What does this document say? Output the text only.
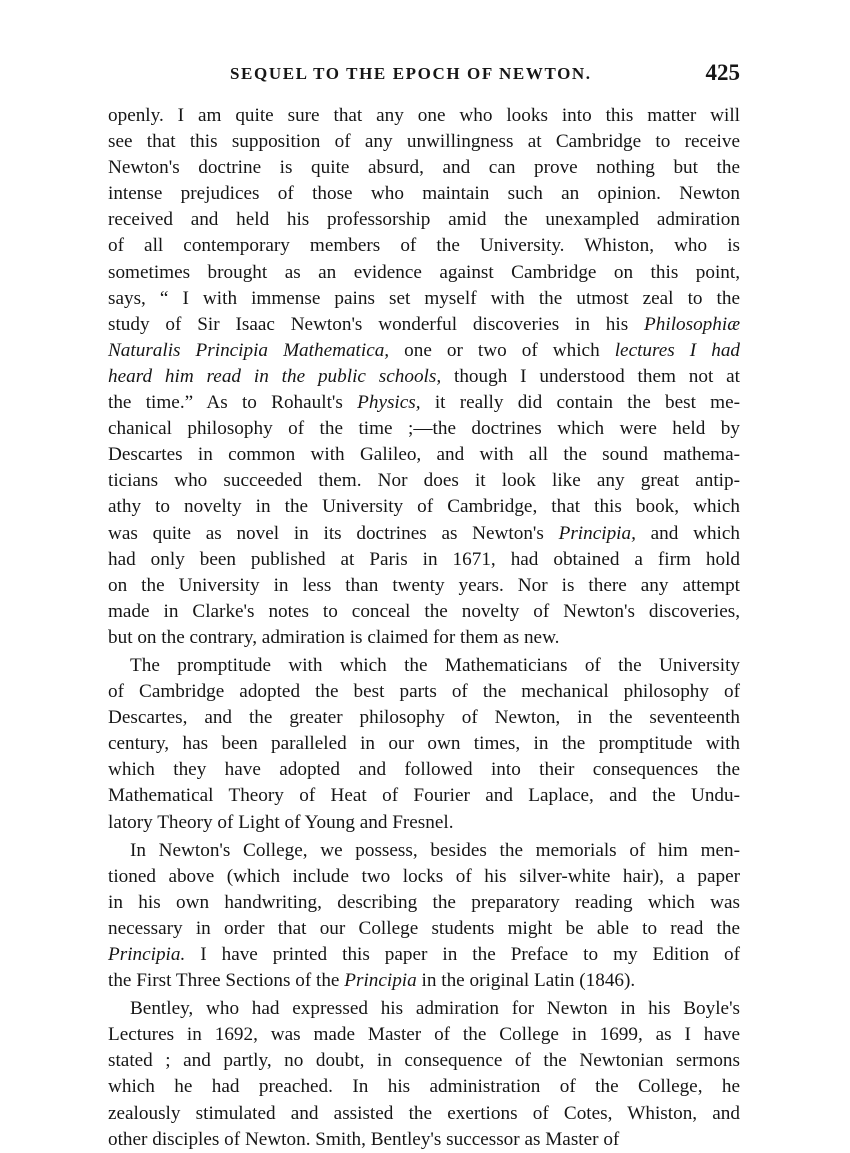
SEQUEL TO THE EPOCH OF NEWTON.	425
openly. I am quite sure that any one who looks into this matter will
see that this supposition of any unwillingness at Cambridge to receive
Newton's doctrine is quite absurd, and can prove nothing but the
intense prejudices of those who maintain such an opinion. Newton
received and held his professorship amid the unexampled admiration
of all contemporary members of the University. Whiston, who is
sometimes brought as an evidence against Cambridge on this point,
says, “ I with immense pains set myself with the utmost zeal to the
study of Sir Isaac Newton's wonderful discoveries in his Philosophiæ
Naturalis Principia Mathematica, one or two of which lectures I had
heard him read in the public schools, though I understood them not at
the time.” As to Rohault's Physics, it really did contain the best me-
chanical philosophy of the time ;—the doctrines which were held by
Descartes in common with Galileo, and with all the sound mathema-
ticians who succeeded them. Nor does it look like any great antip-
athy to novelty in the University of Cambridge, that this book, which
was quite as novel in its doctrines as Newton's Principia, and which
had only been published at Paris in 1671, had obtained a firm hold
on the University in less than twenty years. Nor is there any attempt
made in Clarke's notes to conceal the novelty of Newton's discoveries,
but on the contrary, admiration is claimed for them as new.
The promptitude with which the Mathematicians of the University
of Cambridge adopted the best parts of the mechanical philosophy of
Descartes, and the greater philosophy of Newton, in the seventeenth
century, has been paralleled in our own times, in the promptitude with
which they have adopted and followed into their consequences the
Mathematical Theory of Heat of Fourier and Laplace, and the Undu-
latory Theory of Light of Young and Fresnel.
In Newton's College, we possess, besides the memorials of him men-
tioned above (which include two locks of his silver-white hair), a paper
in his own handwriting, describing the preparatory reading which was
necessary in order that our College students might be able to read the
Principia. I have printed this paper in the Preface to my Edition of
the First Three Sections of the Principia in the original Latin (1846).
Bentley, who had expressed his admiration for Newton in his Boyle's
Lectures in 1692, was made Master of the College in 1699, as I have
stated ; and partly, no doubt, in consequence of the Newtonian sermons
which he had preached. In his administration of the College, he
zealously stimulated and assisted the exertions of Cotes, Whiston, and
other disciples of Newton. Smith, Bentley's successor as Master of
